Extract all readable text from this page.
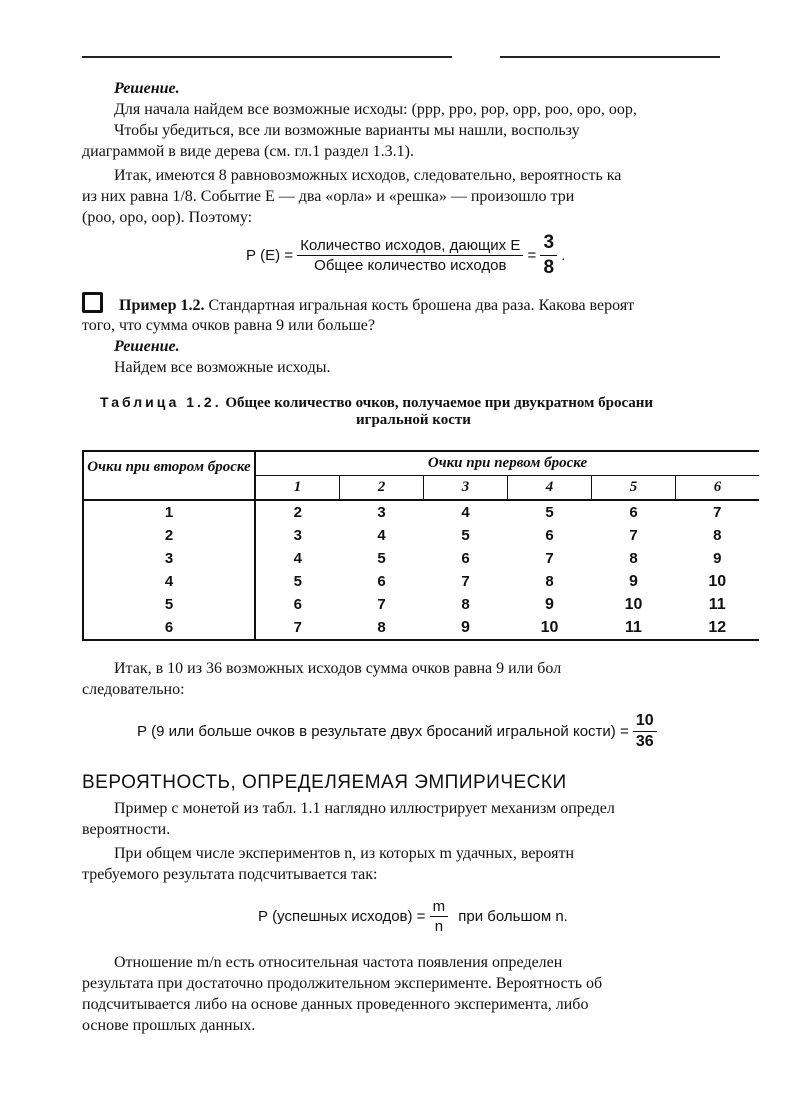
Решение.
Для начала найдем все возможные исходы: (ррр, рро, рор, орр, роо, оро, оор,
Чтобы убедиться, все ли возможные варианты мы нашли, воспользу
диаграммой в виде дерева (см. гл.1 раздел 1.3.1).
Итак, имеются 8 равновозможных исходов, следовательно, вероятность ка
из них равна 1/8. Событие Е — два «орла» и «решка» — произошло три
(роо, оро, оор). Поэтому:
Р $(Е) = \frac{\text{Количество исходов, дающих Е}}{\text{Общее количество исходов}} = \frac{3}{8}$ .
Пример 1.2. Стандартная игральная кость брошена два раза. Какова вероят
того, что сумма очков равна 9 или больше?
Решение.
Найдем все возможные исходы.
Таблица 1.2. Общее количество очков, получаемое при двукратном бросани
игральной кости
Очки при втором броске	Очки при первом броске					
	1	2	3	4	5	6
1	2	3	4	5	6	7
2	3	4	5	6	7	8
3	4	5	6	7	8	9
4	5	6	7	8	9	10
5	6	7	8	9	10	11
6	7	8	9	10	11	12
Итак, в 10 из 36 возможных исходов сумма очков равна 9 или бол
следовательно:
Р (9 или больше очков в результате двух бросаний игральной кости) = $\frac{10}{36}$
ВЕРОЯТНОСТЬ, ОПРЕДЕЛЯЕМАЯ ЭМПИРИЧЕСКИ
Пример с монетой из табл. 1.1 наглядно иллюстрирует механизм определ
вероятности.
При общем числе экспериментов n, из которых m удачных, вероятн
требуемого результата подсчитывается так:
Р (успешных исходов) = $\frac{m}{n}$ при большом n.
Отношение m/n есть относительная частота появления определен
результата при достаточно продолжительном эксперименте. Вероятность об
подсчитывается либо на основе данных проведенного эксперимента, либо
основе прошлых данных.
